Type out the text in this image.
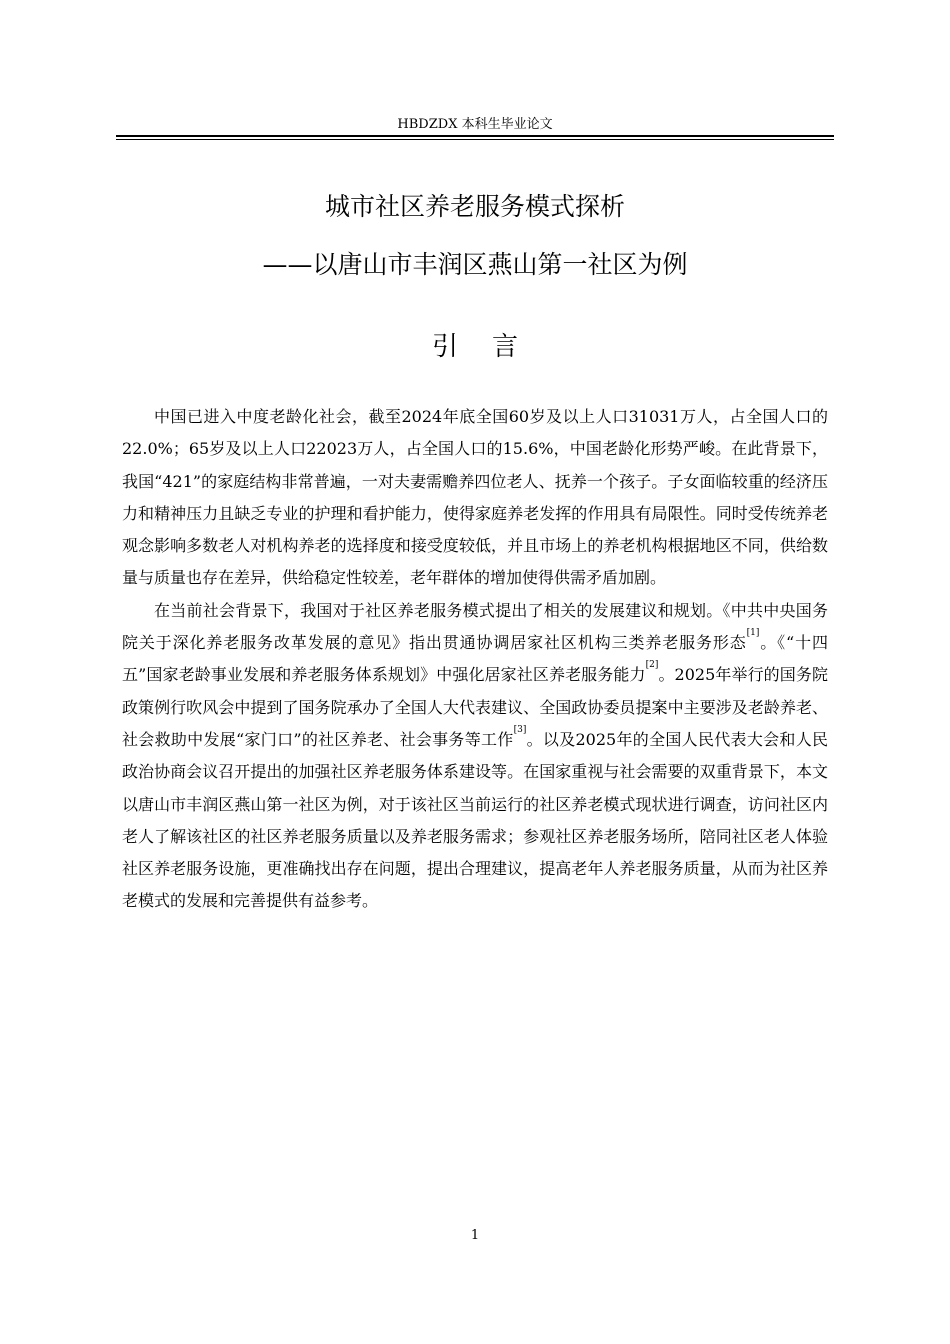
HBDZDX 本科生毕业论文
城市社区养老服务模式探析
——以唐山市丰润区燕山第一社区为例
引言

中国已进入中度老龄化社会，截至2024年底全国60岁及以上人口31031万人，占全国人口的22.0%；65岁及以上人口22023万人，占全国人口的15.6%，中国老龄化形势严峻。在此背景下，我国“421”的家庭结构非常普遍，一对夫妻需赡养四位老人、抚养一个孩子。子女面临较重的经济压力和精神压力且缺乏专业的护理和看护能力，使得家庭养老发挥的作用具有局限性。同时受传统养老观念影响多数老人对机构养老的选择度和接受度较低，并且市场上的养老机构根据地区不同，供给数量与质量也存在差异，供给稳定性较差，老年群体的增加使得供需矛盾加剧。

在当前社会背景下，我国对于社区养老服务模式提出了相关的发展建议和规划。《中共中央国务院关于深化养老服务改革发展的意见》指出贯通协调居家社区机构三类养老服务形态[1]。《“十四五”国家老龄事业发展和养老服务体系规划》中强化居家社区养老服务能力[2]。2025年举行的国务院政策例行吹风会中提到了国务院承办了全国人大代表建议、全国政协委员提案中主要涉及老龄养老、社会救助中发展“家门口”的社区养老、社会事务等工作[3]。以及2025年的全国人民代表大会和人民政治协商会议召开提出的加强社区养老服务体系建设等。在国家重视与社会需要的双重背景下，本文以唐山市丰润区燕山第一社区为例，对于该社区当前运行的社区养老模式现状进行调查，访问社区内老人了解该社区的社区养老服务质量以及养老服务需求；参观社区养老服务场所，陪同社区老人体验社区养老服务设施，更准确找出存在问题，提出合理建议，提高老年人养老服务质量，从而为社区养老模式的发展和完善提供有益参考。

1
